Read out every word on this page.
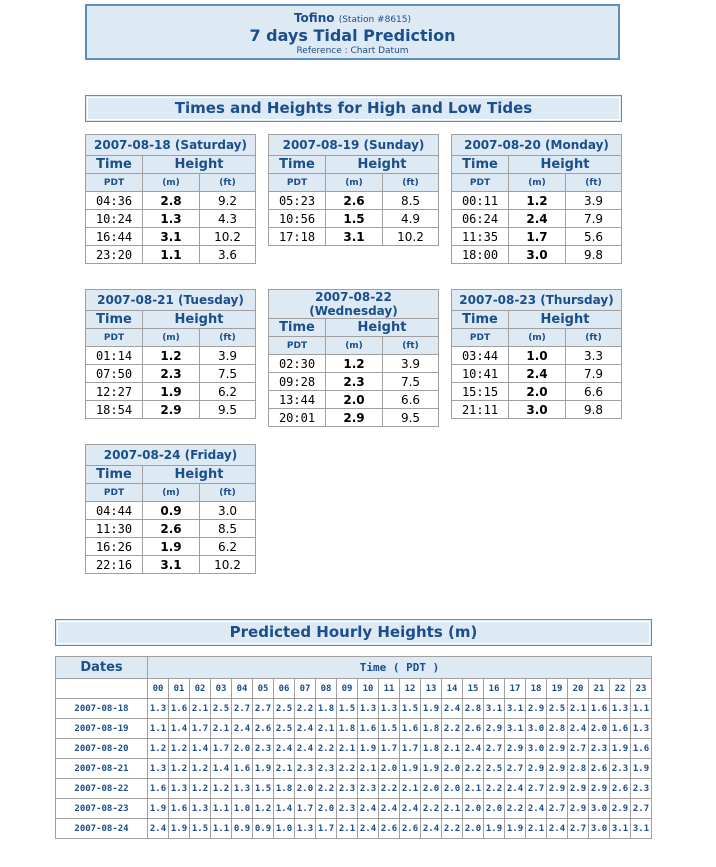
Tofino (Station #8615)
7 days Tidal Prediction
Reference : Chart Datum
Times and Heights for High and Low Tides
2007-08-18 (Saturday)		
Time	Height	
PDT	(m)	(ft)
04:36	2.8	9.2
10:24	1.3	4.3
16:44	3.1	10.2
23:20	1.1	3.6
2007-08-19 (Sunday)		
Time	Height	
PDT	(m)	(ft)
05:23	2.6	8.5
10:56	1.5	4.9
17:18	3.1	10.2
2007-08-20 (Monday)		
Time	Height	
PDT	(m)	(ft)
00:11	1.2	3.9
06:24	2.4	7.9
11:35	1.7	5.6
18:00	3.0	9.8
2007-08-21 (Tuesday)		
Time	Height	
PDT	(m)	(ft)
01:14	1.2	3.9
07:50	2.3	7.5
12:27	1.9	6.2
18:54	2.9	9.5
2007-08-22 (Wednesday)		
Time	Height	
PDT	(m)	(ft)
02:30	1.2	3.9
09:28	2.3	7.5
13:44	2.0	6.6
20:01	2.9	9.5
2007-08-23 (Thursday)		
Time	Height	
PDT	(m)	(ft)
03:44	1.0	3.3
10:41	2.4	7.9
15:15	2.0	6.6
21:11	3.0	9.8
2007-08-24 (Friday)		
Time	Height	
PDT	(m)	(ft)
04:44	0.9	3.0
11:30	2.6	8.5
16:26	1.9	6.2
22:16	3.1	10.2
Predicted Hourly Heights (m)
Dates	Time ( PDT )																							
	00	01	02	03	04	05	06	07	08	09	10	11	12	13	14	15	16	17	18	19	20	21	22	23
2007-08-18	1.3	1.6	2.1	2.5	2.7	2.7	2.5	2.2	1.8	1.5	1.3	1.3	1.5	1.9	2.4	2.8	3.1	3.1	2.9	2.5	2.1	1.6	1.3	1.1
2007-08-19	1.1	1.4	1.7	2.1	2.4	2.6	2.5	2.4	2.1	1.8	1.6	1.5	1.6	1.8	2.2	2.6	2.9	3.1	3.0	2.8	2.4	2.0	1.6	1.3
2007-08-20	1.2	1.2	1.4	1.7	2.0	2.3	2.4	2.4	2.2	2.1	1.9	1.7	1.7	1.8	2.1	2.4	2.7	2.9	3.0	2.9	2.7	2.3	1.9	1.6
2007-08-21	1.3	1.2	1.2	1.4	1.6	1.9	2.1	2.3	2.3	2.2	2.1	2.0	1.9	1.9	2.0	2.2	2.5	2.7	2.9	2.9	2.8	2.6	2.3	1.9
2007-08-22	1.6	1.3	1.2	1.2	1.3	1.5	1.8	2.0	2.2	2.3	2.3	2.2	2.1	2.0	2.0	2.1	2.2	2.4	2.7	2.9	2.9	2.9	2.6	2.3
2007-08-23	1.9	1.6	1.3	1.1	1.0	1.2	1.4	1.7	2.0	2.3	2.4	2.4	2.4	2.2	2.1	2.0	2.0	2.2	2.4	2.7	2.9	3.0	2.9	2.7
2007-08-24	2.4	1.9	1.5	1.1	0.9	0.9	1.0	1.3	1.7	2.1	2.4	2.6	2.6	2.4	2.2	2.0	1.9	1.9	2.1	2.4	2.7	3.0	3.1	3.1
